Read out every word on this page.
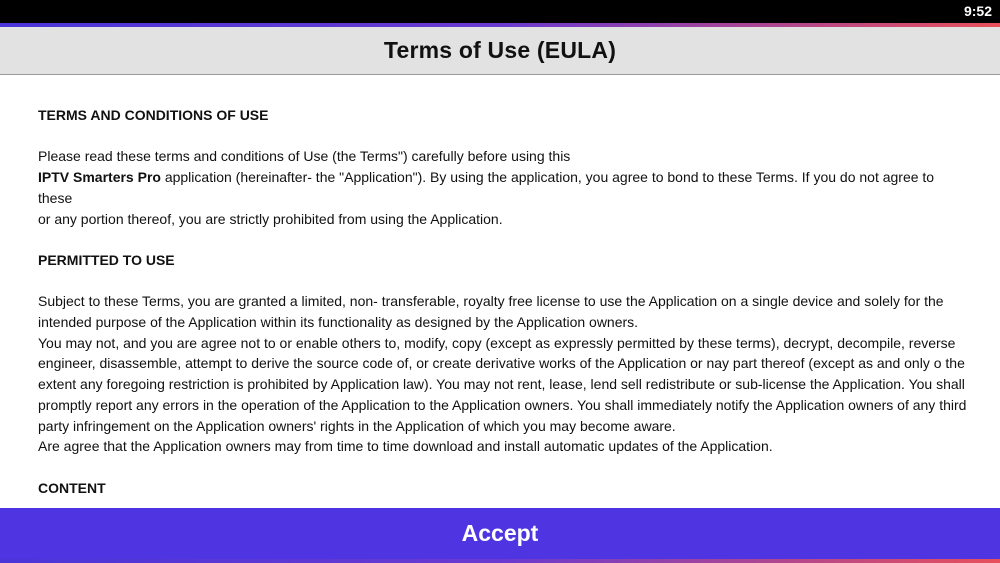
9:52
Terms of Use (EULA)
TERMS AND CONDITIONS OF USE
Please read these terms and conditions of Use (the Terms") carefully before using this
IPTV Smarters Pro application (hereinafter- the "Application"). By using the application, you agree to bond to these Terms. If you do not agree to these
or any portion thereof, you are strictly prohibited from using the Application.
PERMITTED TO USE
Subject to these Terms, you are granted a limited, non- transferable, royalty free license to use the Application on a single device and solely for the
intended purpose of the Application within its functionality as designed by the Application owners.
You may not, and you are agree not to or enable others to, modify, copy (except as expressly permitted by these terms), decrypt, decompile, reverse
engineer, disassemble, attempt to derive the source code of, or create derivative works of the Application or nay part thereof (except as and only o the
extent any foregoing restriction is prohibited by Application law). You may not rent, lease, lend sell redistribute or sub-license the Application. You shall
promptly report any errors in the operation of the Application to the Application owners. You shall immediately notify the Application owners of any third
party infringement on the Application owners' rights in the Application of which you may become aware.
Are agree that the Application owners may from time to time download and install automatic updates of the Application.
CONTENT
Accept
